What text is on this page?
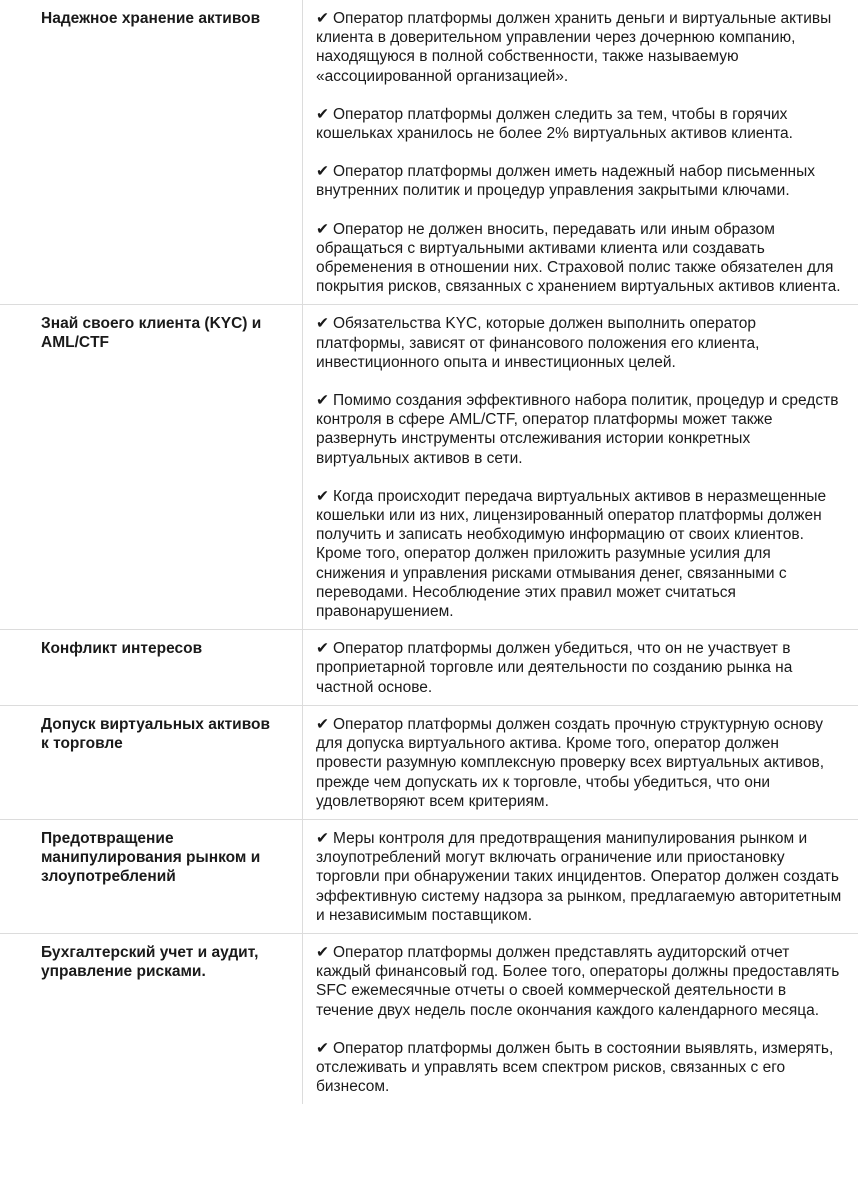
Надежное хранение активов	✔ Оператор платформы должен хранить деньги и виртуальные активы клиента в доверительном управлении через дочернюю компанию, находящуюся в полной собственности, также называемую «ассоциированной организацией».

✔ Оператор платформы должен следить за тем, чтобы в горячих кошельках хранилось не более 2% виртуальных активов клиента.

✔ Оператор платформы должен иметь надежный набор письменных внутренних политик и процедур управления закрытыми ключами.

✔ Оператор не должен вносить, передавать или иным образом обращаться с виртуальными активами клиента или создавать обременения в отношении них. Страховой полис также обязателен для покрытия рисков, связанных с хранением виртуальных активов клиента.

Знай своего клиента (KYC) и AML/CTF

✔ Обязательства KYC, которые должен выполнить оператор платформы, зависят от финансового положения его клиента, инвестиционного опыта и инвестиционных целей.

✔ Помимо создания эффективного набора политик, процедур и средств контроля в сфере AML/CTF, оператор платформы может также развернуть инструменты отслеживания истории конкретных виртуальных активов в сети.

✔ Когда происходит передача виртуальных активов в неразмещенные кошельки или из них, лицензированный оператор платформы должен получить и записать необходимую информацию от своих клиентов. Кроме того, оператор должен приложить разумные усилия для снижения и управления рисками отмывания денег, связанными с переводами. Несоблюдение этих правил может считаться правонарушением.

Конфликт интересов	✔ Оператор платформы должен убедиться, что он не участвует в проприетарной торговле или деятельности по созданию рынка на частной основе.

Допуск виртуальных активов к торговле

✔ Оператор платформы должен создать прочную структурную основу для допуска виртуального актива. Кроме того, оператор должен провести разумную комплексную проверку всех виртуальных активов, прежде чем допускать их к торговле, чтобы убедиться, что они удовлетворяют всем критериям.

Предотвращение манипулирования рынком и злоупотреблений

✔ Меры контроля для предотвращения манипулирования рынком и злоупотреблений могут включать ограничение или приостановку торговли при обнаружении таких инцидентов. Оператор должен создать эффективную систему надзора за рынком, предлагаемую авторитетным и независимым поставщиком.

Бухгалтерский учет и аудит, управление рисками.

✔ Оператор платформы должен представлять аудиторский отчет каждый финансовый год. Более того, операторы должны предоставлять SFC ежемесячные отчеты о своей коммерческой деятельности в течение двух недель после окончания каждого календарного месяца.

✔ Оператор платформы должен быть в состоянии выявлять, измерять, отслеживать и управлять всем спектром рисков, связанных с его бизнесом.
